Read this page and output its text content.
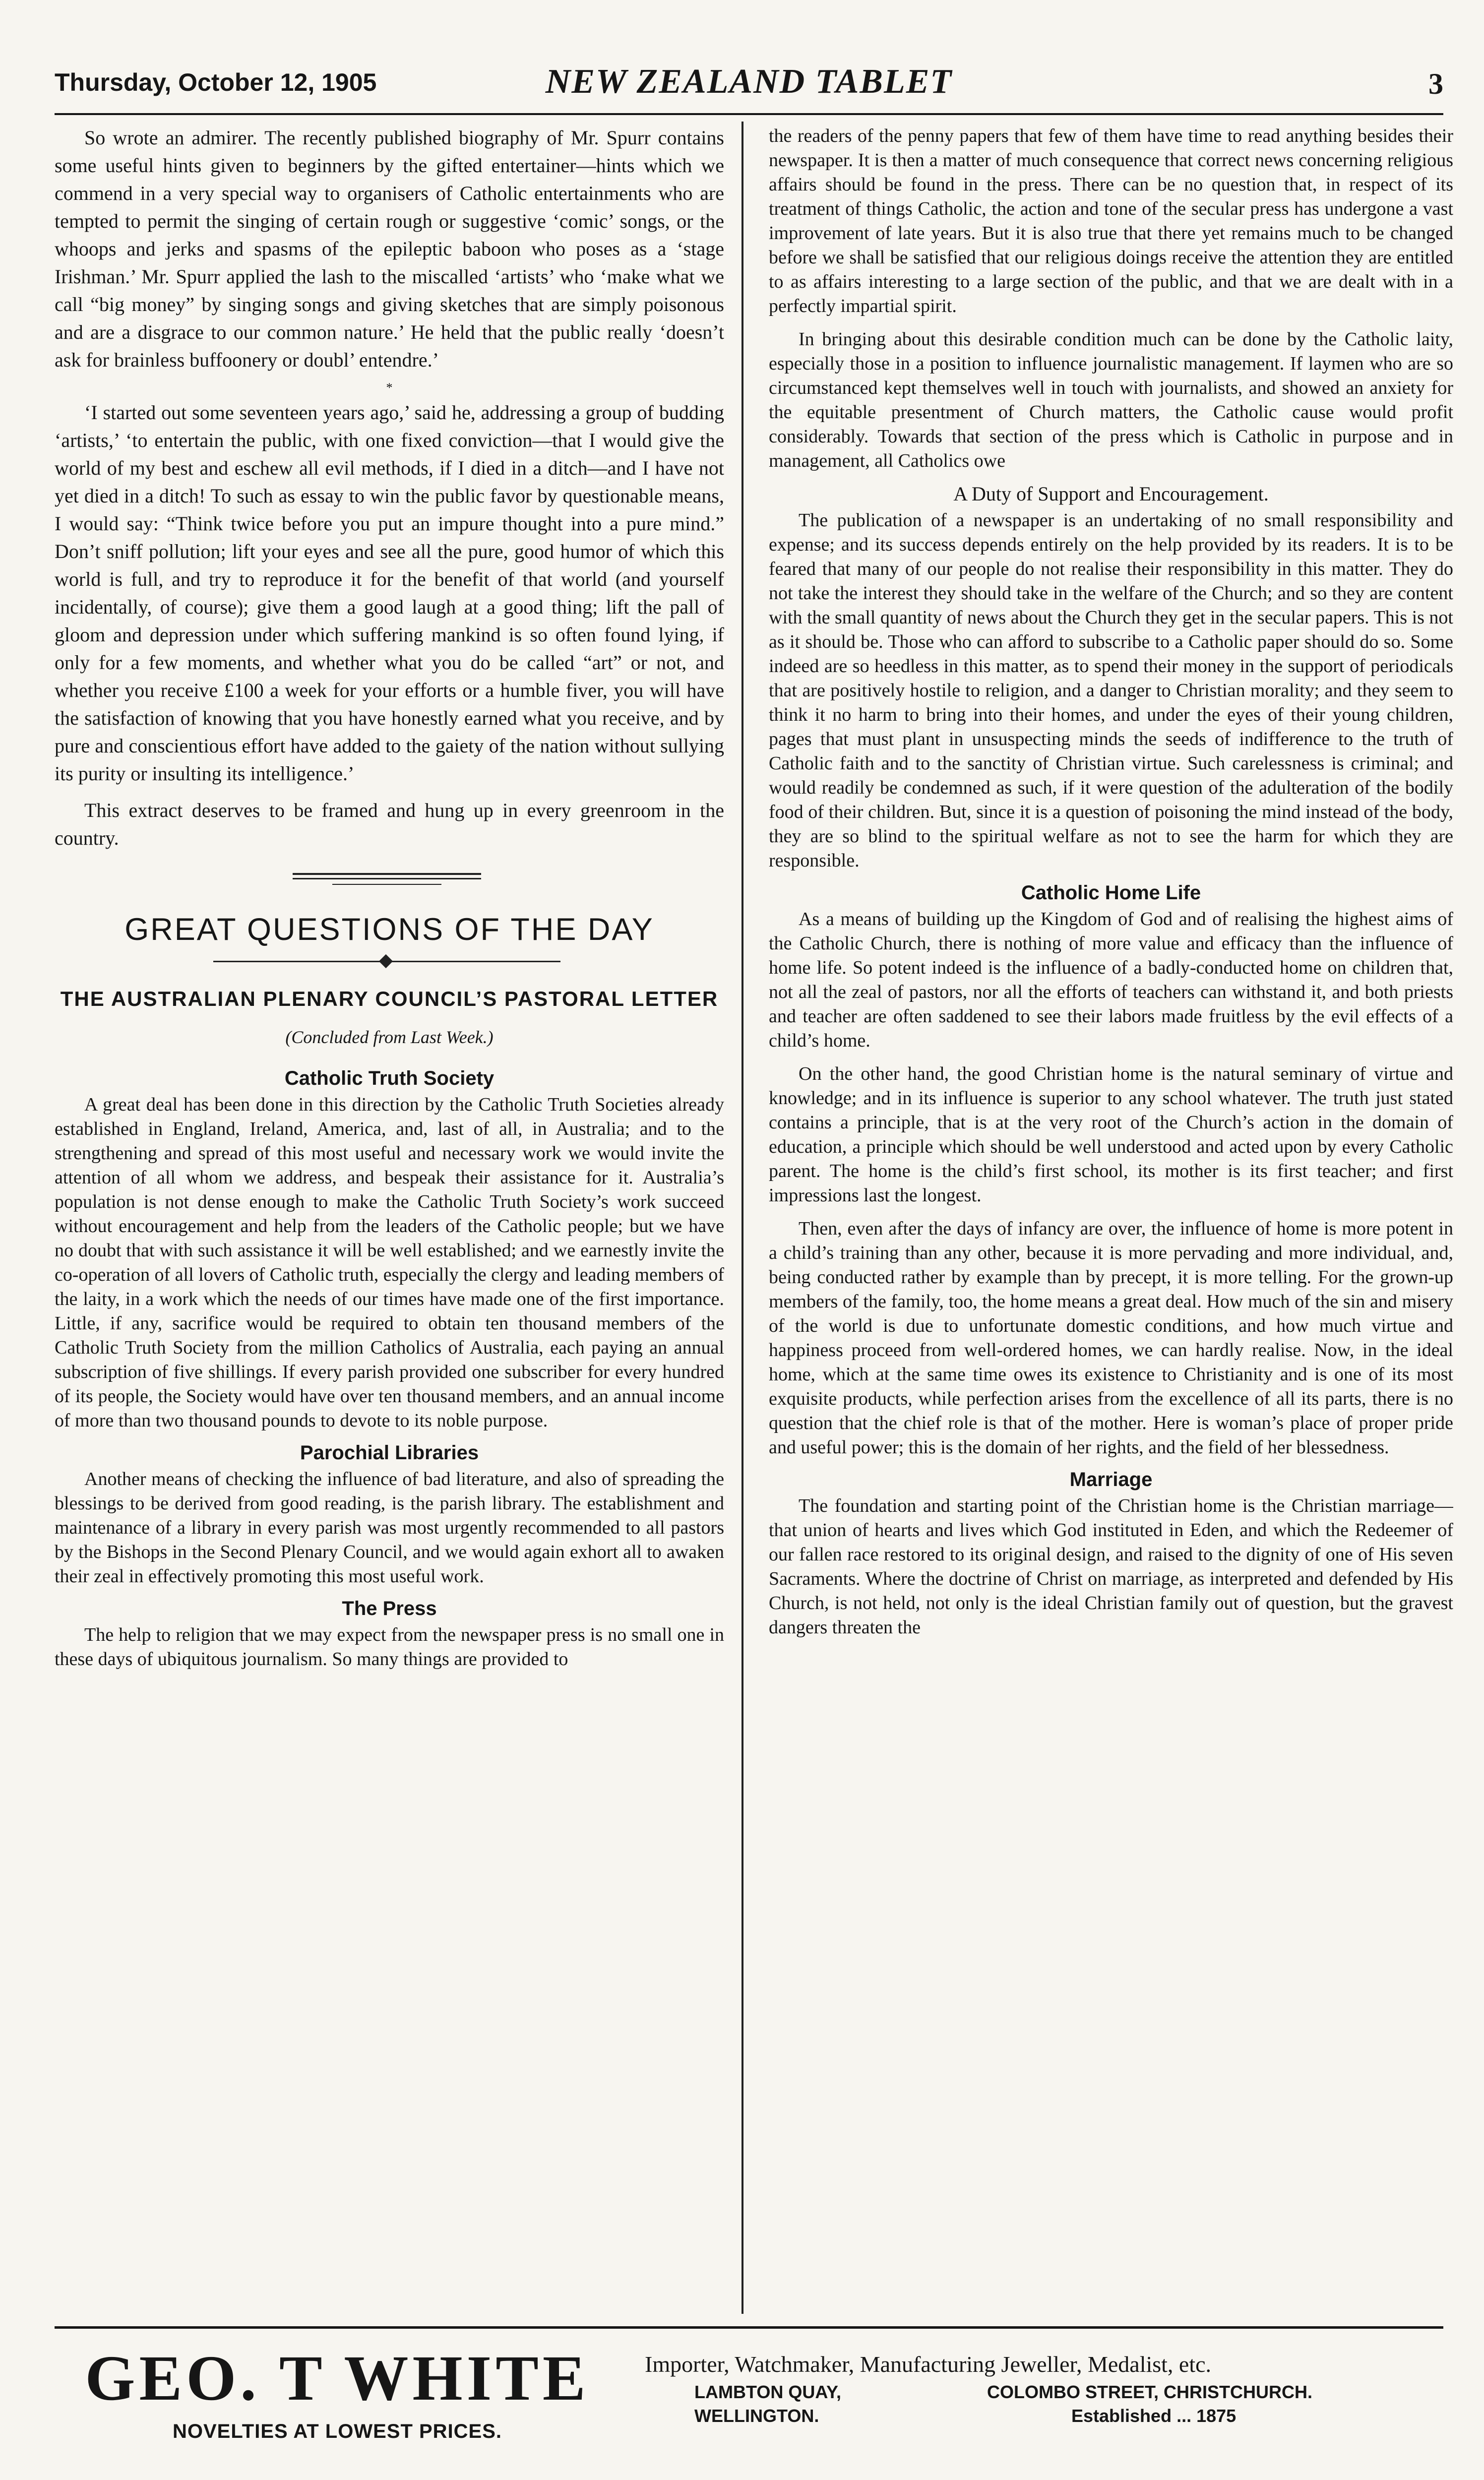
Thursday, October 12, 1905	NEW ZEALAND TABLET	3

So wrote an admirer. The recently published biography of Mr. Spurr contains some useful hints given to beginners by the gifted entertainer—hints which we commend in a very special way to organisers of Catholic entertainments who are tempted to permit the singing of certain rough or suggestive ‘comic’ songs, or the whoops and jerks and spasms of the epileptic baboon who poses as a ‘stage Irishman.’ Mr. Spurr applied the lash to the miscalled ‘artists’ who ‘make what we call “big money” by singing songs and giving sketches that are simply poisonous and are a disgrace to our common nature.’ He held that the public really ‘doesn’t ask for brainless buffoonery or doubl’ entendre.’

*

‘I started out some seventeen years ago,’ said he, addressing a group of budding ‘artists,’ ‘to entertain the public, with one fixed conviction—that I would give the world of my best and eschew all evil methods, if I died in a ditch—and I have not yet died in a ditch! To such as essay to win the public favor by questionable means, I would say: “Think twice before you put an impure thought into a pure mind.” Don’t sniff pollution; lift your eyes and see all the pure, good humor of which this world is full, and try to reproduce it for the benefit of that world (and yourself incidentally, of course); give them a good laugh at a good thing; lift the pall of gloom and depression under which suffering mankind is so often found lying, if only for a few moments, and whether what you do be called “art” or not, and whether you receive £100 a week for your efforts or a humble fiver, you will have the satisfaction of knowing that you have honestly earned what you receive, and by pure and conscientious effort have added to the gaiety of the nation without sullying its purity or insulting its intelligence.’

This extract deserves to be framed and hung up in every greenroom in the country.

GREAT QUESTIONS OF THE DAY
THE AUSTRALIAN PLENARY COUNCIL’S PASTORAL LETTER
(Concluded from Last Week.)
Catholic Truth Society

A great deal has been done in this direction by the Catholic Truth Societies already established in England, Ireland, America, and, last of all, in Australia; and to the strengthening and spread of this most useful and necessary work we would invite the attention of all whom we address, and bespeak their assistance for it. Australia’s population is not dense enough to make the Catholic Truth Society’s work succeed without encouragement and help from the leaders of the Catholic people; but we have no doubt that with such assistance it will be well established; and we earnestly invite the co-operation of all lovers of Catholic truth, especially the clergy and leading members of the laity, in a work which the needs of our times have made one of the first importance. Little, if any, sacrifice would be required to obtain ten thousand members of the Catholic Truth Society from the million Catholics of Australia, each paying an annual subscription of five shillings. If every parish provided one subscriber for every hundred of its people, the Society would have over ten thousand members, and an annual income of more than two thousand pounds to devote to its noble purpose.

Parochial Libraries

Another means of checking the influence of bad literature, and also of spreading the blessings to be derived from good reading, is the parish library. The establishment and maintenance of a library in every parish was most urgently recommended to all pastors by the Bishops in the Second Plenary Council, and we would again exhort all to awaken their zeal in effectively promoting this most useful work.

The Press

The help to religion that we may expect from the newspaper press is no small one in these days of ubiquitous journalism. So many things are provided to

the readers of the penny papers that few of them have time to read anything besides their newspaper. It is then a matter of much consequence that correct news concerning religious affairs should be found in the press. There can be no question that, in respect of its treatment of things Catholic, the action and tone of the secular press has undergone a vast improvement of late years. But it is also true that there yet remains much to be changed before we shall be satisfied that our religious doings receive the attention they are entitled to as affairs interesting to a large section of the public, and that we are dealt with in a perfectly impartial spirit.

In bringing about this desirable condition much can be done by the Catholic laity, especially those in a position to influence journalistic management. If laymen who are so circumstanced kept themselves well in touch with journalists, and showed an anxiety for the equitable presentment of Church matters, the Catholic cause would profit considerably. Towards that section of the press which is Catholic in purpose and in management, all Catholics owe

A Duty of Support and Encouragement.

The publication of a newspaper is an undertaking of no small responsibility and expense; and its success depends entirely on the help provided by its readers. It is to be feared that many of our people do not realise their responsibility in this matter. They do not take the interest they should take in the welfare of the Church; and so they are content with the small quantity of news about the Church they get in the secular papers. This is not as it should be. Those who can afford to subscribe to a Catholic paper should do so. Some indeed are so heedless in this matter, as to spend their money in the support of periodicals that are positively hostile to religion, and a danger to Christian morality; and they seem to think it no harm to bring into their homes, and under the eyes of their young children, pages that must plant in unsuspecting minds the seeds of indifference to the truth of Catholic faith and to the sanctity of Christian virtue. Such carelessness is criminal; and would readily be condemned as such, if it were question of the adulteration of the bodily food of their children. But, since it is a question of poisoning the mind instead of the body, they are so blind to the spiritual welfare as not to see the harm for which they are responsible.

Catholic Home Life

As a means of building up the Kingdom of God and of realising the highest aims of the Catholic Church, there is nothing of more value and efficacy than the influence of home life. So potent indeed is the influence of a badly-conducted home on children that, not all the zeal of pastors, nor all the efforts of teachers can withstand it, and both priests and teacher are often saddened to see their labors made fruitless by the evil effects of a child’s home.

On the other hand, the good Christian home is the natural seminary of virtue and knowledge; and in its influence is superior to any school whatever. The truth just stated contains a principle, that is at the very root of the Church’s action in the domain of education, a principle which should be well understood and acted upon by every Catholic parent. The home is the child’s first school, its mother is its first teacher; and first impressions last the longest.

Then, even after the days of infancy are over, the influence of home is more potent in a child’s training than any other, because it is more pervading and more individual, and, being conducted rather by example than by precept, it is more telling. For the grown-up members of the family, too, the home means a great deal. How much of the sin and misery of the world is due to unfortunate domestic conditions, and how much virtue and happiness proceed from well-ordered homes, we can hardly realise. Now, in the ideal home, which at the same time owes its existence to Christianity and is one of its most exquisite products, while perfection arises from the excellence of all its parts, there is no question that the chief role is that of the mother. Here is woman’s place of proper pride and useful power; this is the domain of her rights, and the field of her blessedness.

Marriage

The foundation and starting point of the Christian home is the Christian marriage—that union of hearts and lives which God instituted in Eden, and which the Redeemer of our fallen race restored to its original design, and raised to the dignity of one of His seven Sacraments. Where the doctrine of Christ on marriage, as interpreted and defended by His Church, is not held, not only is the ideal Christian family out of question, but the gravest dangers threaten the

GEO. T WHITE
NOVELTIES AT LOWEST PRICES.
Importer, Watchmaker, Manufacturing Jeweller, Medalist, etc.
LAMBTON QUAY,
WELLINGTON.
COLOMBO STREET, CHRISTCHURCH.
Established ... 1875
